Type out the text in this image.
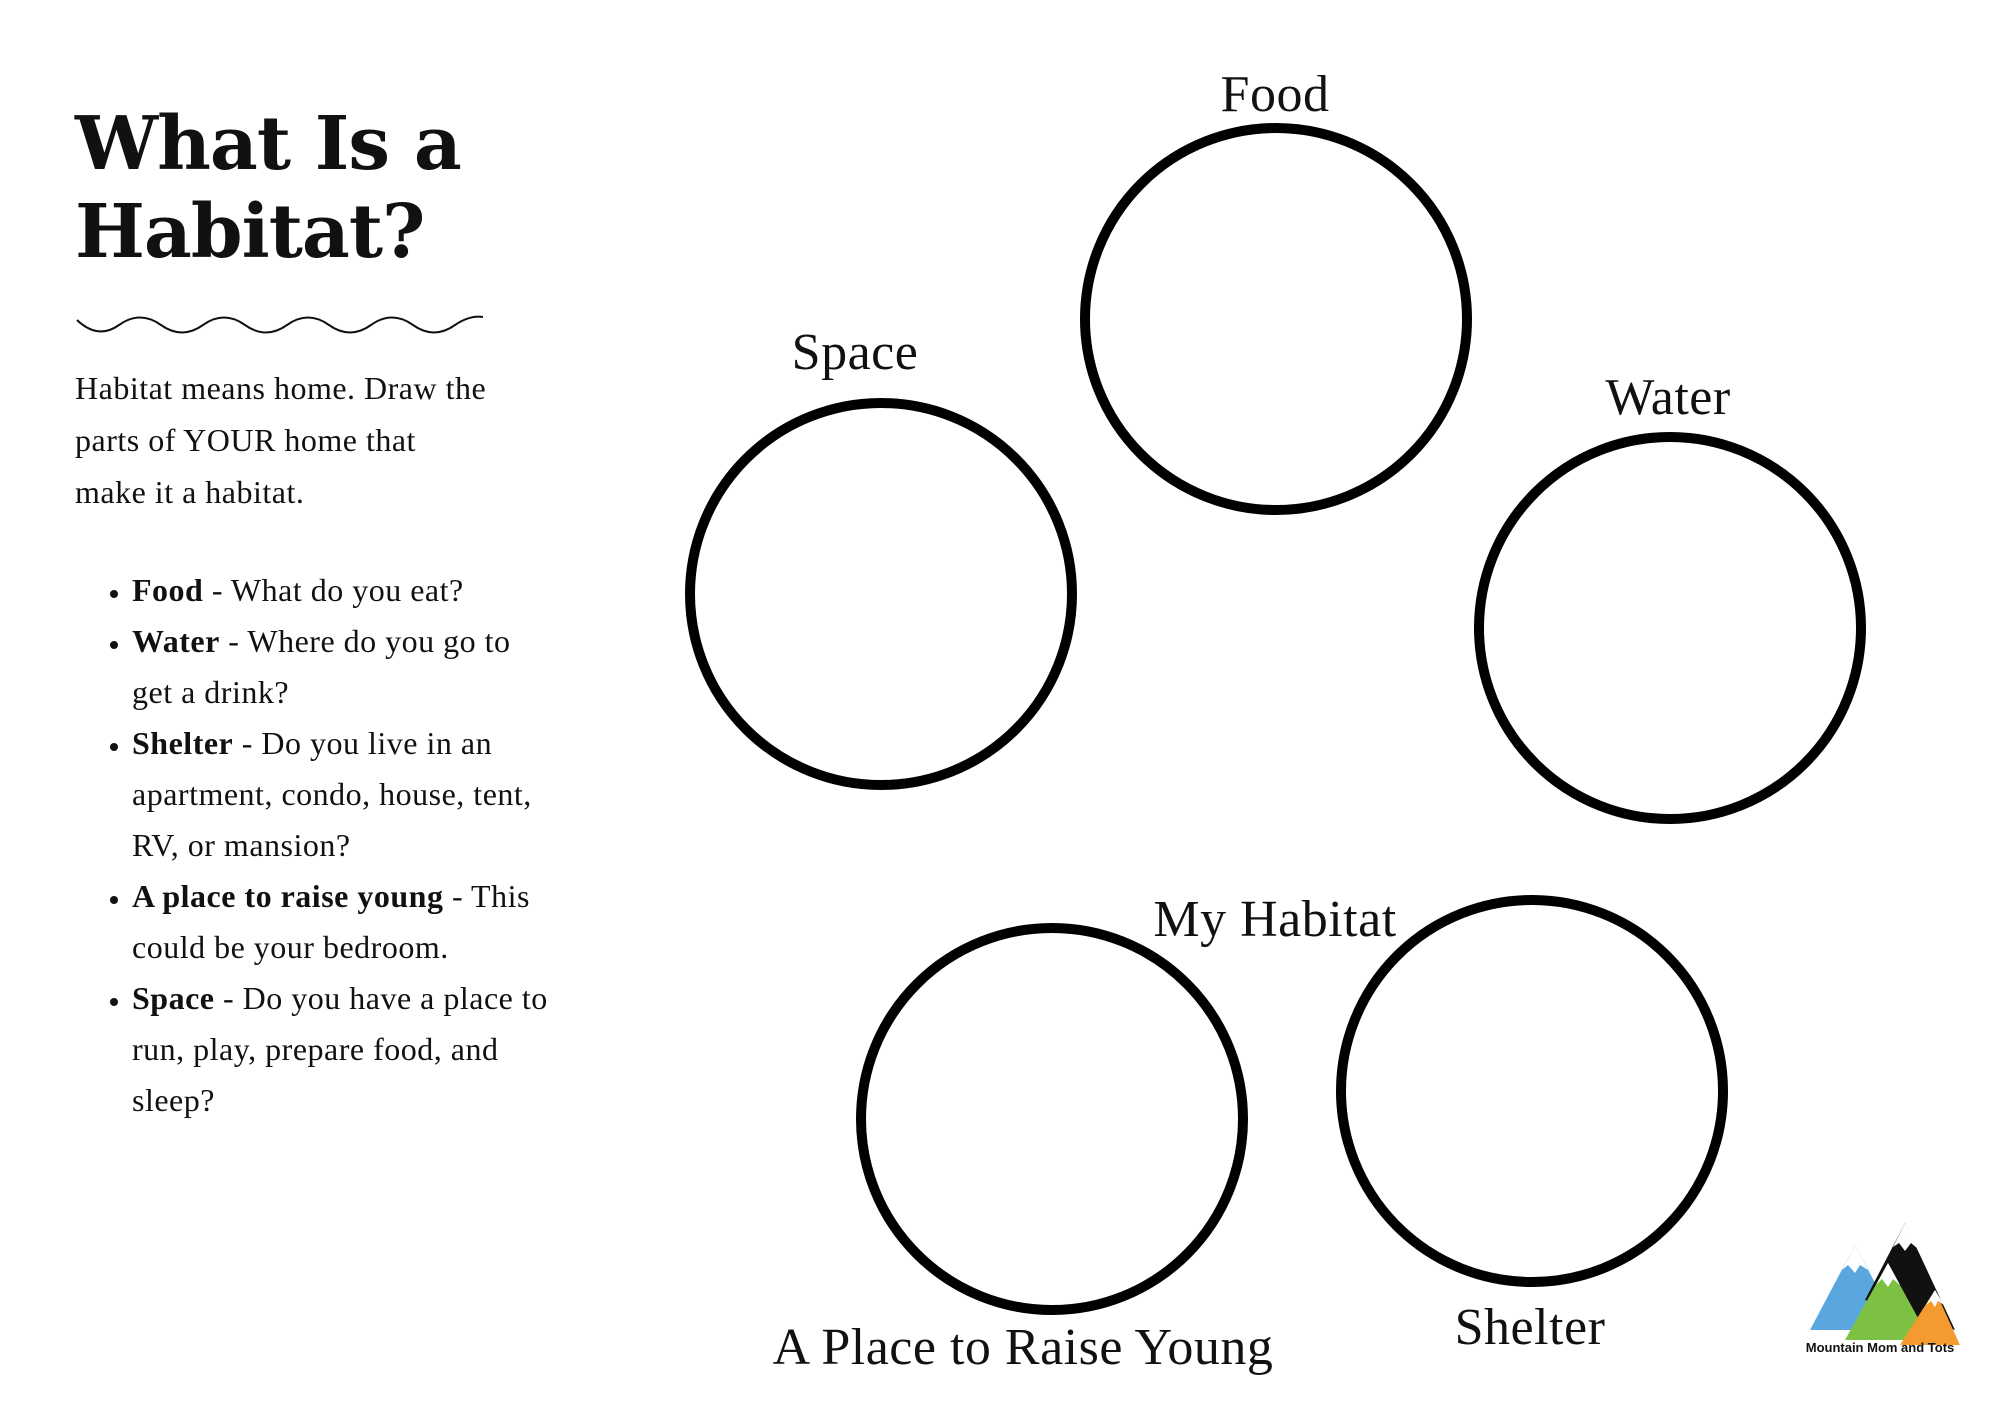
What Is a
Habitat?

Habitat means home. Draw the parts of YOUR home that make it a habitat.

• Food - What do you eat?
• Water - Where do you go to get a drink?
• Shelter - Do you live in an apartment, condo, house, tent, RV, or mansion?
• A place to raise young - This could be your bedroom.
• Space - Do you have a place to run, play, prepare food, and sleep?
Food
Space
Water
My Habitat
A Place to Raise Young	Shelter	Mountain Mom and Tots
